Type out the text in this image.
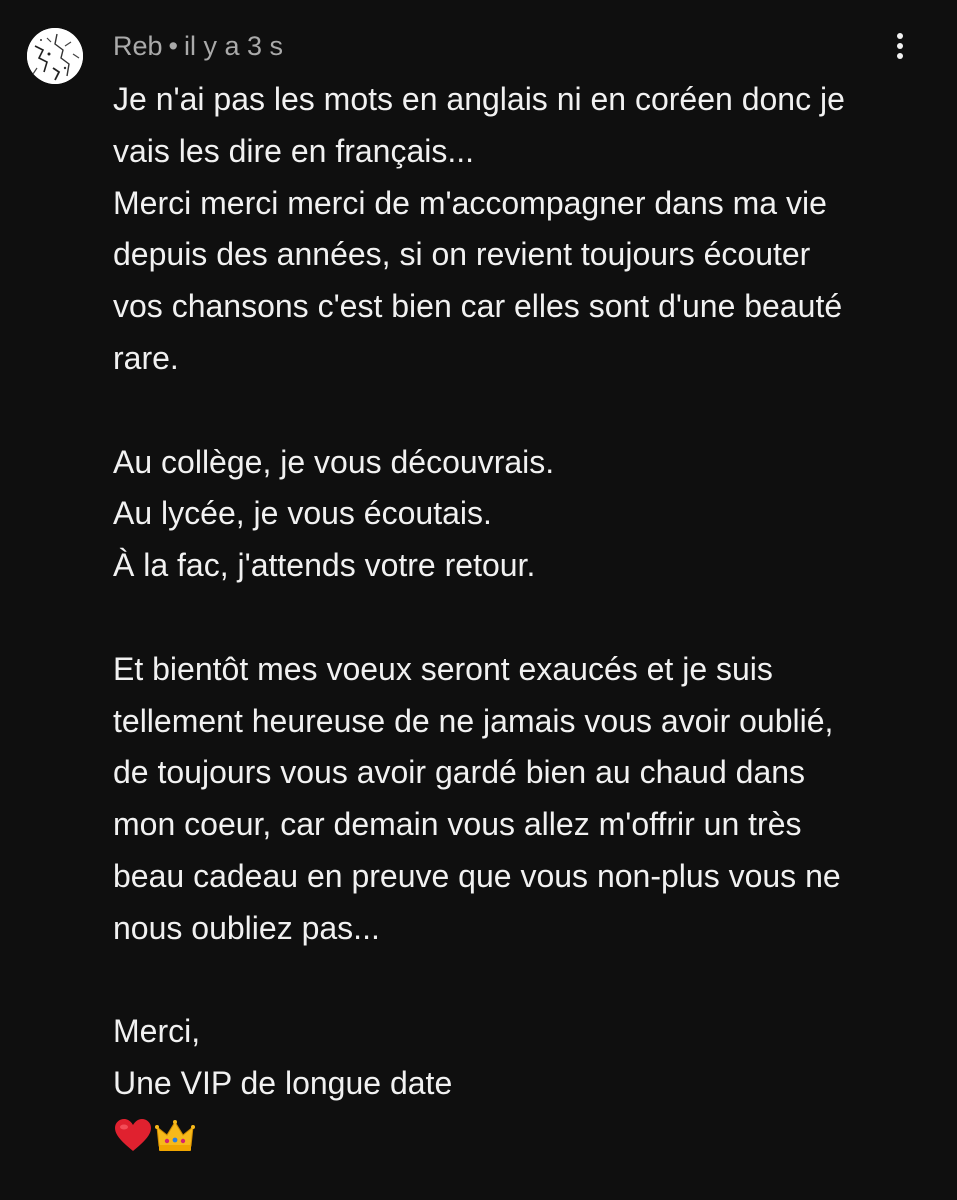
Reb • il y a 3 s

Je n'ai pas les mots en anglais ni en coréen donc je

vais les dire en français...

Merci merci merci de m'accompagner dans ma vie

depuis des années, si on revient toujours écouter

vos chansons c'est bien car elles sont d'une beauté

rare.

Au collège, je vous découvrais.

Au lycée, je vous écoutais.

À la fac, j'attends votre retour.

Et bientôt mes voeux seront exaucés et je suis

tellement heureuse de ne jamais vous avoir oublié,

de toujours vous avoir gardé bien au chaud dans

mon coeur, car demain vous allez m'offrir un très

beau cadeau en preuve que vous non-plus vous ne

nous oubliez pas...

Merci,

Une VIP de longue date
